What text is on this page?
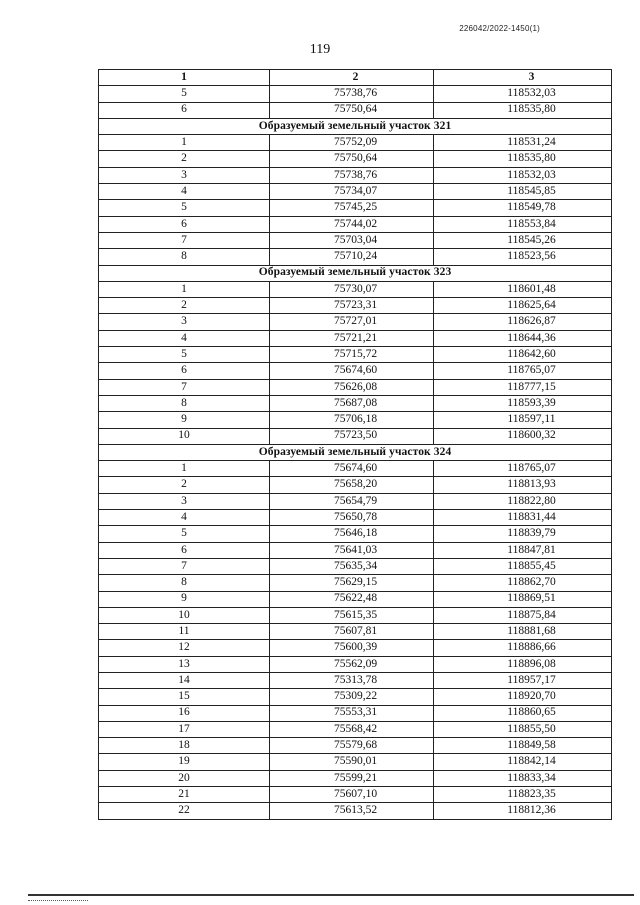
226042/2022-1450(1)
119
1	2	3
5	75738,76	118532,03
6	75750,64	118535,80
Образуемый земельный участок 321		
1	75752,09	118531,24
2	75750,64	118535,80
3	75738,76	118532,03
4	75734,07	118545,85
5	75745,25	118549,78
6	75744,02	118553,84
7	75703,04	118545,26
8	75710,24	118523,56
Образуемый земельный участок 323		
1	75730,07	118601,48
2	75723,31	118625,64
3	75727,01	118626,87
4	75721,21	118644,36
5	75715,72	118642,60
6	75674,60	118765,07
7	75626,08	118777,15
8	75687,08	118593,39
9	75706,18	118597,11
10	75723,50	118600,32
Образуемый земельный участок 324		
1	75674,60	118765,07
2	75658,20	118813,93
3	75654,79	118822,80
4	75650,78	118831,44
5	75646,18	118839,79
6	75641,03	118847,81
7	75635,34	118855,45
8	75629,15	118862,70
9	75622,48	118869,51
10	75615,35	118875,84
11	75607,81	118881,68
12	75600,39	118886,66
13	75562,09	118896,08
14	75313,78	118957,17
15	75309,22	118920,70
16	75553,31	118860,65
17	75568,42	118855,50
18	75579,68	118849,58
19	75590,01	118842,14
20	75599,21	118833,34
21	75607,10	118823,35
22	75613,52	118812,36
